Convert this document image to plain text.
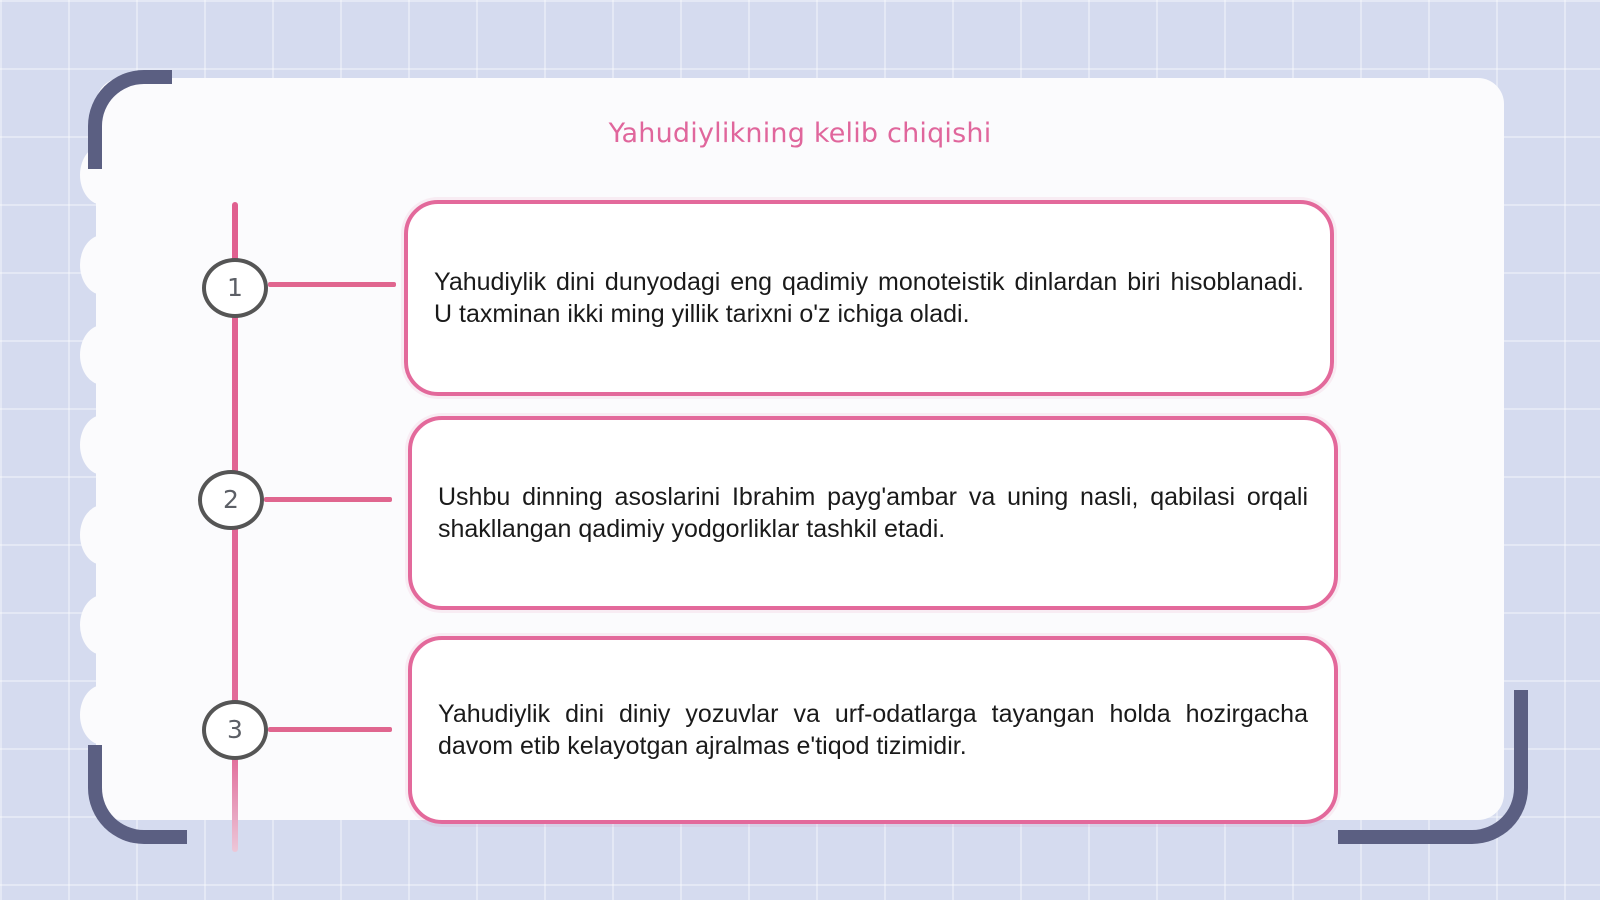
Yahudiylikning kelib chiqishi
1
2
3
Yahudiylik dini dunyodagi eng qadimiy monoteistik dinlardan biri hisoblanadi. U taxminan ikki ming yillik tarixni o'z ichiga oladi.
Ushbu dinning asoslarini Ibrahim payg'ambar va uning nasli, qabilasi orqali shakllangan qadimiy yodgorliklar tashkil etadi.
Yahudiylik dini diniy yozuvlar va urf-odatlarga tayangan holda hozirgacha davom etib kelayotgan ajralmas e'tiqod tizimidir.
